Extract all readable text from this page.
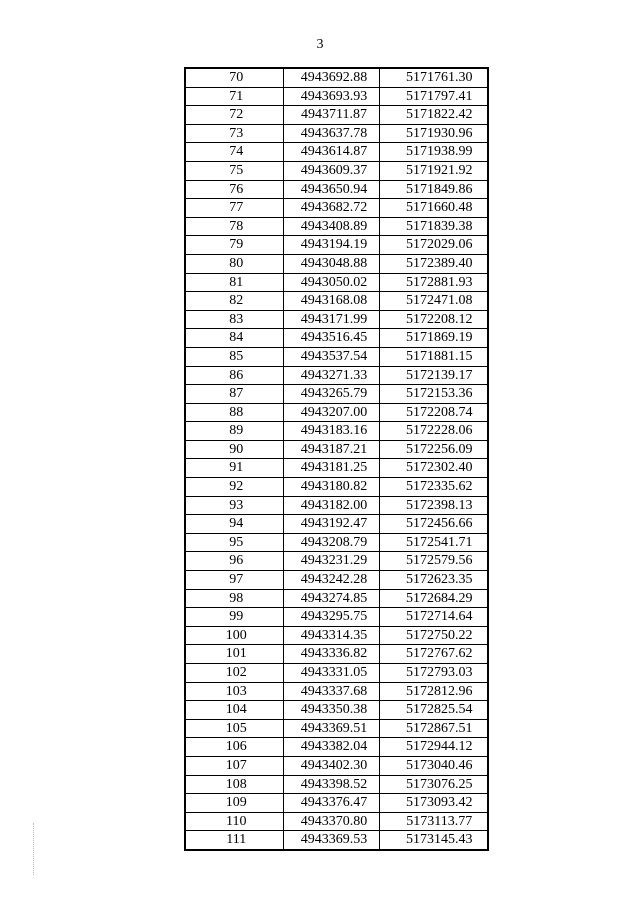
3
70	4943692.88	5171761.30
71	4943693.93	5171797.41
72	4943711.87	5171822.42
73	4943637.78	5171930.96
74	4943614.87	5171938.99
75	4943609.37	5171921.92
76	4943650.94	5171849.86
77	4943682.72	5171660.48
78	4943408.89	5171839.38
79	4943194.19	5172029.06
80	4943048.88	5172389.40
81	4943050.02	5172881.93
82	4943168.08	5172471.08
83	4943171.99	5172208.12
84	4943516.45	5171869.19
85	4943537.54	5171881.15
86	4943271.33	5172139.17
87	4943265.79	5172153.36
88	4943207.00	5172208.74
89	4943183.16	5172228.06
90	4943187.21	5172256.09
91	4943181.25	5172302.40
92	4943180.82	5172335.62
93	4943182.00	5172398.13
94	4943192.47	5172456.66
95	4943208.79	5172541.71
96	4943231.29	5172579.56
97	4943242.28	5172623.35
98	4943274.85	5172684.29
99	4943295.75	5172714.64
100	4943314.35	5172750.22
101	4943336.82	5172767.62
102	4943331.05	5172793.03
103	4943337.68	5172812.96
104	4943350.38	5172825.54
105	4943369.51	5172867.51
106	4943382.04	5172944.12
107	4943402.30	5173040.46
108	4943398.52	5173076.25
109	4943376.47	5173093.42
110	4943370.80	5173113.77
111	4943369.53	5173145.43
